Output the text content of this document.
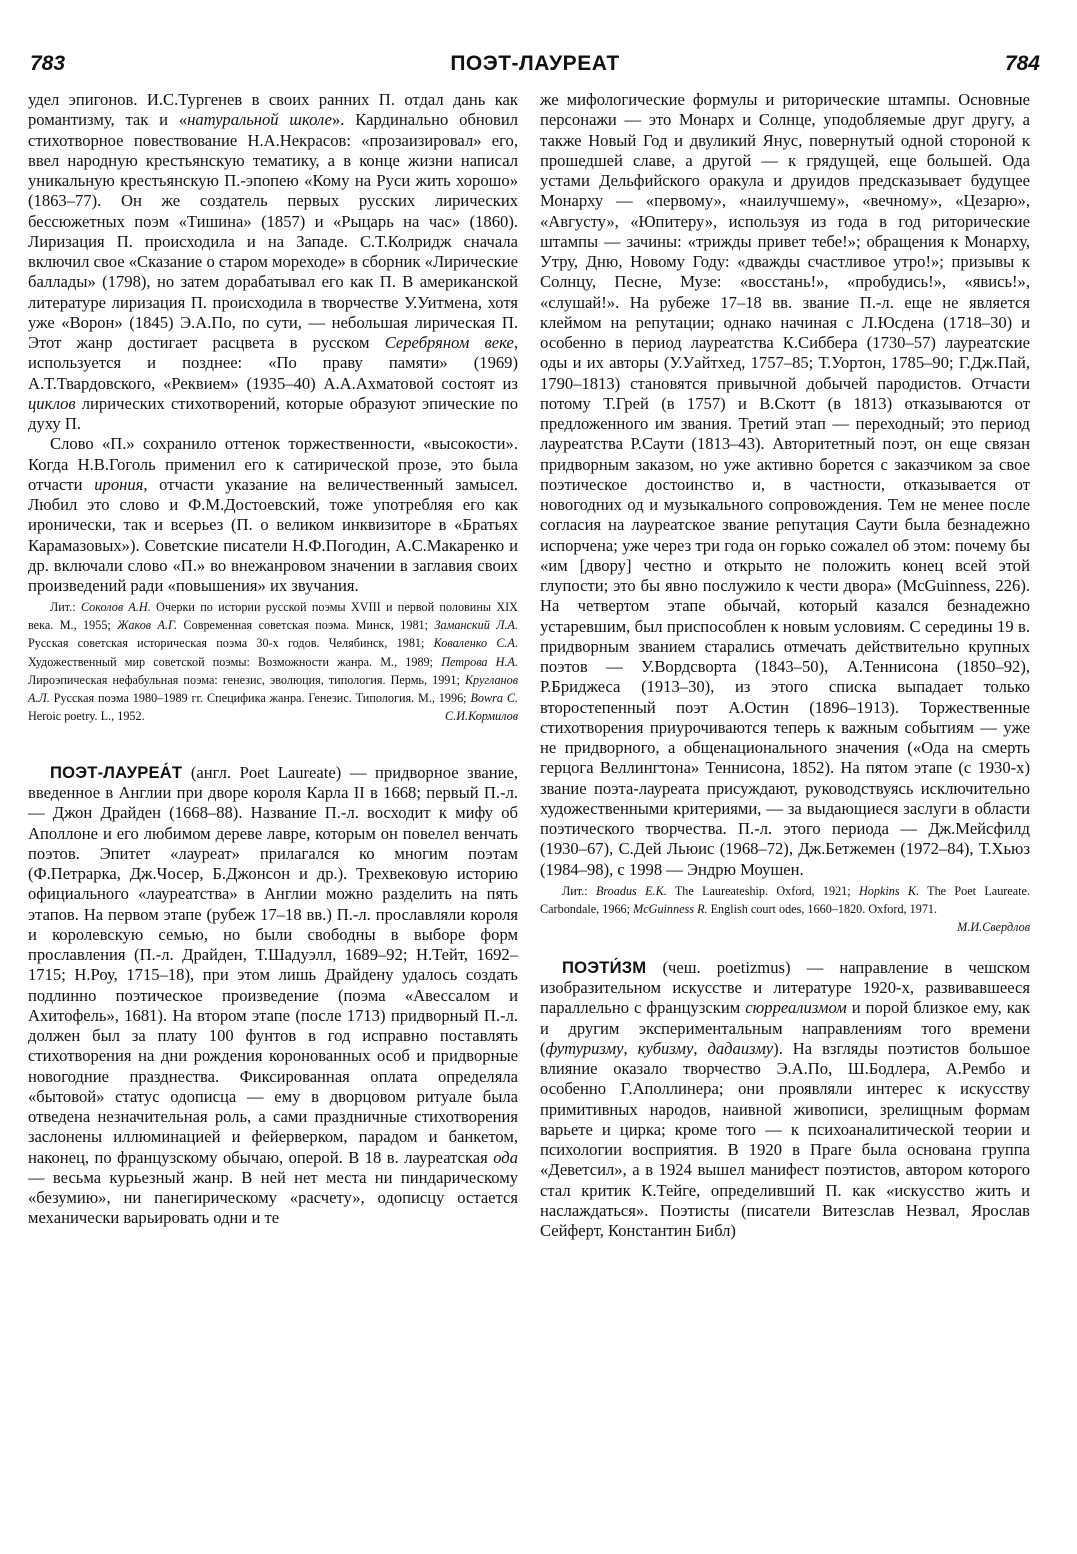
783	ПОЭТ-ЛАУРЕАТ	784

удел эпигонов. И.С.Тургенев в своих ранних П. отдал дань как романтизму, так и «натуральной школе». Кардинально обновил стихотворное повествование Н.А.Некрасов: «прозаизировал» его, ввел народную крестьянскую тематику, а в конце жизни написал уникальную крестьянскую П.-эпопею «Кому на Руси жить хорошо» (1863–77). Он же создатель первых русских лирических бессюжетных поэм «Тишина» (1857) и «Рыцарь на час» (1860). Лиризация П. происходила и на Западе. С.Т.Колридж сначала включил свое «Сказание о старом мореходе» в сборник «Лирические баллады» (1798), но затем дорабатывал его как П. В американской литературе лиризация П. происходила в творчестве У.Уитмена, хотя уже «Ворон» (1845) Э.А.По, по сути, — небольшая лирическая П. Этот жанр достигает расцвета в русском Серебряном веке, используется и позднее: «По праву памяти» (1969) А.Т.Твардовского, «Реквием» (1935–40) А.А.Ахматовой состоят из циклов лирических стихотворений, которые образуют эпические по духу П.

Слово «П.» сохранило оттенок торжественности, «высокости». Когда Н.В.Гоголь применил его к сатирической прозе, это была отчасти ирония, отчасти указание на величественный замысел. Любил это слово и Ф.М.Достоевский, тоже употребляя его как иронически, так и всерьез (П. о великом инквизиторе в «Братьях Карамазовых»). Советские писатели Н.Ф.Погодин, А.С.Макаренко и др. включали слово «П.» во внежанровом значении в заглавия своих произведений ради «повышения» их звучания.

Лит.: Соколов А.Н. Очерки по истории русской поэмы XVIII и первой половины XIX века. М., 1955; Жаков А.Г. Современная советская поэма. Минск, 1981; Заманский Л.А. Русская советская историческая поэма 30-х годов. Челябинск, 1981; Коваленко С.А. Художественный мир советской поэмы: Возможности жанра. М., 1989; Петрова Н.А. Лироэпическая нефабульная поэма: генезис, эволюция, типология. Пермь, 1991; Кругланов А.Л. Русская поэма 1980–1989 гг. Специфика жанра. Генезис. Типология. М., 1996; Bowra C. Heroic poetry. L., 1952.	С.И.Кормилов

ПОЭТ-ЛАУРЕА́Т (англ. Poet Laureate) — придворное звание, введенное в Англии при дворе короля Карла II в 1668; первый П.-л. — Джон Драйден (1668–88). Название П.-л. восходит к мифу об Аполлоне и его любимом дереве лавре, которым он повелел венчать поэтов. Эпитет «лауреат» прилагался ко многим поэтам (Ф.Петрарка, Дж.Чосер, Б.Джонсон и др.). Трехвековую историю официального «лауреатства» в Англии можно разделить на пять этапов. На первом этапе (рубеж 17–18 вв.) П.-л. прославляли короля и королевскую семью, но были свободны в выборе форм прославления (П.-л. Драйден, Т.Шадуэлл, 1689–92; Н.Тейт, 1692–1715; Н.Роу, 1715–18), при этом лишь Драйдену удалось создать подлинно поэтическое произведение (поэма «Авессалом и Ахитофель», 1681). На втором этапе (после 1713) придворный П.-л. должен был за плату 100 фунтов в год исправно поставлять стихотворения на дни рождения коронованных особ и придворные новогодние празднества. Фиксированная оплата определяла «бытовой» статус одописца — ему в дворцовом ритуале была отведена незначительная роль, а сами праздничные стихотворения заслонены иллюминацией и фейерверком, парадом и банкетом, наконец, по французскому обычаю, оперой. В 18 в. лауреатская ода — весьма курьезный жанр. В ней нет места ни пиндарическому «безумию», ни панегирическому «расчету», одописцу остается механически варьировать одни и те

же мифологические формулы и риторические штампы. Основные персонажи — это Монарх и Солнце, уподобляемые друг другу, а также Новый Год и двуликий Янус, повернутый одной стороной к прошедшей славе, а другой — к грядущей, еще большей. Ода устами Дельфийского оракула и друидов предсказывает будущее Монарху — «первому», «наилучшему», «вечному», «Цезарю», «Августу», «Юпитеру», используя из года в год риторические штампы — зачины: «трижды привет тебе!»; обращения к Монарху, Утру, Дню, Новому Году: «дважды счастливое утро!»; призывы к Солнцу, Песне, Музе: «восстань!», «пробудись!», «явись!», «слушай!». На рубеже 17–18 вв. звание П.-л. еще не является клеймом на репутации; однако начиная с Л.Юсдена (1718–30) и особенно в период лауреатства К.Сиббера (1730–57) лауреатские оды и их авторы (У.Уайтхед, 1757–85; Т.Уортон, 1785–90; Г.Дж.Пай, 1790–1813) становятся привычной добычей пародистов. Отчасти потому Т.Грей (в 1757) и В.Скотт (в 1813) отказываются от предложенного им звания. Третий этап — переходный; это период лауреатства Р.Саути (1813–43). Авторитетный поэт, он еще связан придворным заказом, но уже активно борется с заказчиком за свое поэтическое достоинство и, в частности, отказывается от новогодних од и музыкального сопровождения. Тем не менее после согласия на лауреатское звание репутация Саути была безнадежно испорчена; уже через три года он горько сожалел об этом: почему бы «им [двору] честно и открыто не положить конец всей этой глупости; это бы явно послужило к чести двора» (McGuinness, 226). На четвертом этапе обычай, который казался безнадежно устаревшим, был приспособлен к новым условиям. С середины 19 в. придворным званием старались отмечать действительно крупных поэтов — У.Вордсворта (1843–50), А.Теннисона (1850–92), Р.Бриджеса (1913–30), из этого списка выпадает только второстепенный поэт А.Остин (1896–1913). Торжественные стихотворения приурочиваются теперь к важным событиям — уже не придворного, а общенационального значения («Ода на смерть герцога Веллингтона» Теннисона, 1852). На пятом этапе (с 1930-х) звание поэта-лауреата присуждают, руководствуясь исключительно художественными критериями, — за выдающиеся заслуги в области поэтического творчества. П.-л. этого периода — Дж.Мейсфилд (1930–67), С.Дей Льюис (1968–72), Дж.Бетжемен (1972–84), Т.Хьюз (1984–98), с 1998 — Эндрю Моушен.

Лит.: Broadus E.K. The Laureateship. Oxford, 1921; Hopkins K. The Poet Laureate. Carbondale, 1966; McGuinness R. English court odes, 1660–1820. Oxford, 1971.
М.И.Свердлов

ПОЭТИ́ЗМ (чеш. poetizmus) — направление в чешском изобразительном искусстве и литературе 1920-х, развивавшееся параллельно с французским сюрреализмом и порой близкое ему, как и другим экспериментальным направлениям того времени (футуризму, кубизму, дадаизму). На взгляды поэтистов большое влияние оказало творчество Э.А.По, Ш.Бодлера, А.Рембо и особенно Г.Аполлинера; они проявляли интерес к искусству примитивных народов, наивной живописи, зрелищным формам варьете и цирка; кроме того — к психоаналитической теории и психологии восприятия. В 1920 в Праге была основана группа «Деветсил», а в 1924 вышел манифест поэтистов, автором которого стал критик К.Тейге, определивший П. как «искусство жить и наслаждаться». Поэтисты (писатели Витезслав Незвал, Ярослав Сейферт, Константин Библ)
